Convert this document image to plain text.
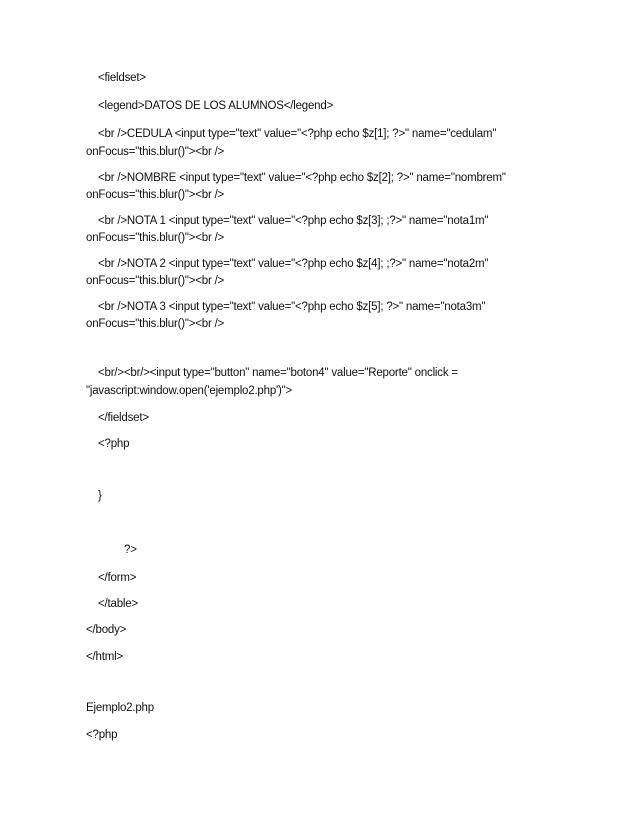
<fieldset>
<legend>DATOS DE LOS ALUMNOS</legend>
<br />CEDULA <input type="text" value="<?php echo $z[1]; ?>" name="cedulam"
onFocus="this.blur()"><br />
<br />NOMBRE <input type="text" value="<?php echo $z[2]; ?>" name="nombrem"
onFocus="this.blur()"><br />
<br />NOTA 1 <input type="text" value="<?php echo $z[3]; ;?>" name="nota1m"
onFocus="this.blur()"><br />
<br />NOTA 2 <input type="text" value="<?php echo $z[4]; ;?>" name="nota2m"
onFocus="this.blur()"><br />
<br />NOTA 3 <input type="text" value="<?php echo $z[5]; ?>" name="nota3m"
onFocus="this.blur()"><br />
<br/><br/><input type="button" name="boton4" value="Reporte" onclick =
"javascript:window.open('ejemplo2.php')">
</fieldset>
<?php
}
?>
</form>
</table>
</body>
</html>
Ejemplo2.php
<?php
